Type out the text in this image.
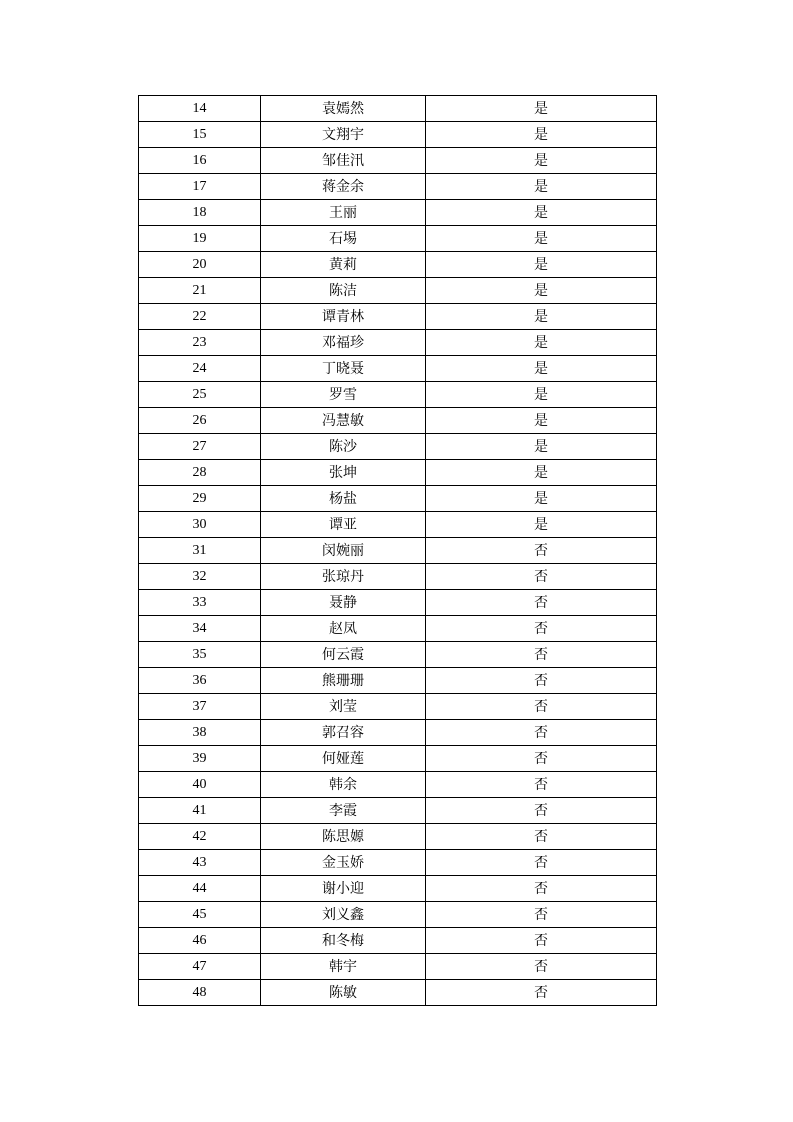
14	袁嫣然	是
15	文翔宇	是
16	邹佳汛	是
17	蒋金余	是
18	王丽	是
19	石埸	是
20	黄莉	是
21	陈洁	是
22	谭青林	是
23	邓福珍	是
24	丁晓聂	是
25	罗雪	是
26	冯慧敏	是
27	陈沙	是
28	张坤	是
29	杨盐	是
30	谭亚	是
31	闵婉丽	否
32	张琼丹	否
33	聂静	否
34	赵凤	否
35	何云霞	否
36	熊珊珊	否
37	刘莹	否
38	郭召容	否
39	何娅莲	否
40	韩余	否
41	李霞	否
42	陈思嫄	否
43	金玉娇	否
44	谢小迎	否
45	刘义鑫	否
46	和冬梅	否
47	韩宇	否
48	陈敏	否
